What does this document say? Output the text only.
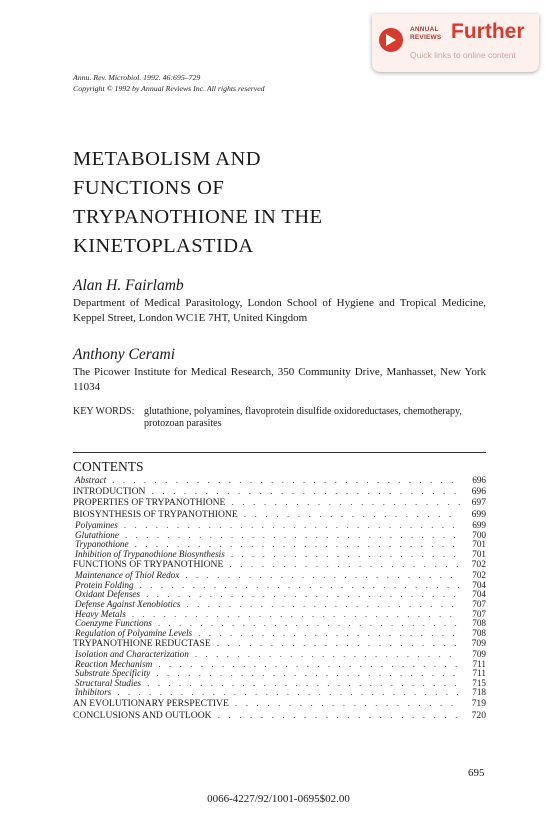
ANNUAL
REVIEWS Further
Quick links to online content
Annu. Rev. Microbiol. 1992. 46:695–729
Copyright © 1992 by Annual Reviews Inc. All rights reserved
METABOLISM AND
FUNCTIONS OF
TRYPANOTHIONE IN THE
KINETOPLASTIDA
Alan H. Fairlamb
Department of Medical Parasitology, London School of Hygiene and Tropical Medicine, Keppel Street, London WC1E 7HT, United Kingdom
Anthony Cerami
The Picower Institute for Medical Research, 350 Community Drive, Manhasset, New York 11034
KEY WORDS: glutathione, polyamines, flavoprotein disulfide oxidoreductases, chemotherapy, protozoan parasites
CONTENTS
Abstract . . .	696
INTRODUCTION . . .	696
PROPERTIES OF TRYPANOTHIONE . . .	697
BIOSYNTHESIS OF TRYPANOTHIONE . . .	699
Polyamines . . .	699
Glutathione . . .	700
Trypanothione . . .	701
Inhibition of Trypanothione Biosynthesis . . .	701
FUNCTIONS OF TRYPANOTHIONE . . .	702
Maintenance of Thiol Redox . . .	702
Protein Folding . . .	704
Oxidant Defenses . . .	704
Defense Against Xenobiotics . . .	707
Heavy Metals . . .	707
Coenzyme Functions . . .	708
Regulation of Polyamine Levels . . .	708
TRYPANOTHIONE REDUCTASE . . .	709
Isolation and Characterization . . .	709
Reaction Mechanism . . .	711
Substrate Specificity . . .	711
Structural Studies . . .	715
Inhibitors . . .	718
AN EVOLUTIONARY PERSPECTIVE . . .	719
CONCLUSIONS AND OUTLOOK . . .	720
695
0066-4227/92/1001-0695$02.00
